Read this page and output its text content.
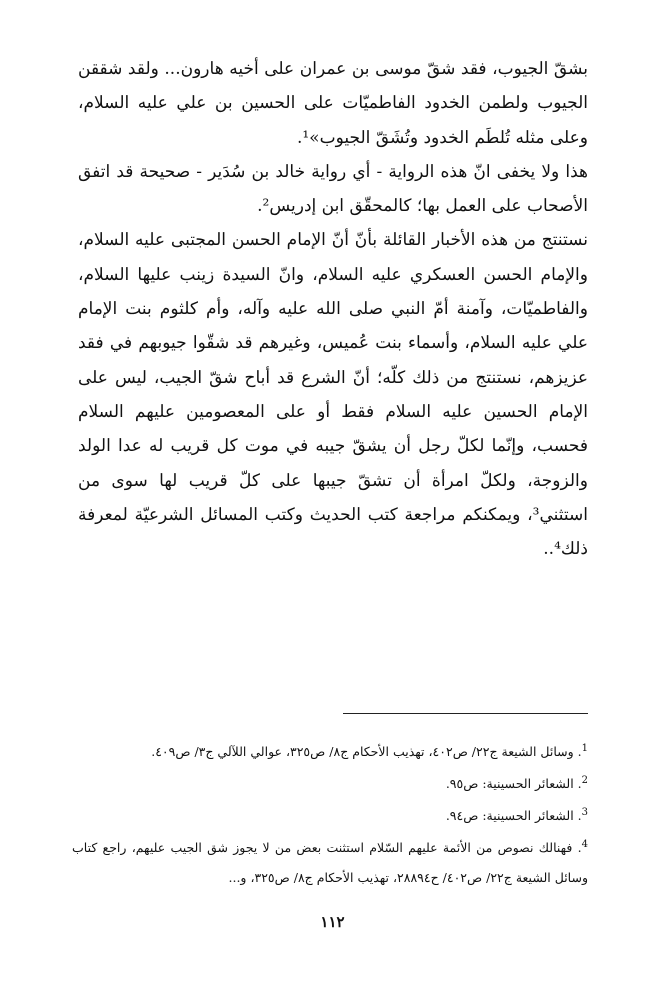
بشقّ الجيوب، فقد شقّ موسى بن عمران على أخيه هارون... ولقد شققن الجيوب ولطمن الخدود الفاطميّات على الحسين بن علي عليه السلام، وعلى مثله تُلطَم الخدود وتُشَقّ الجيوب»¹.

هذا ولا يخفى انّ هذه الرواية - أي رواية خالد بن سُدَير - صحيحة قد اتفق الأصحاب على العمل بها؛ كالمحقّق ابن إدريس².

نستنتج من هذه الأخبار القائلة بأنّ أنّ الإمام الحسن المجتبى عليه السلام، والإمام الحسن العسكري عليه السلام، وانّ السيدة زينب عليها السلام، والفاطميّات، وآمنة أمّ النبي صلى الله عليه وآله، وأم كلثوم بنت الإمام علي عليه السلام، وأسماء بنت عُميس، وغيرهم قد شقّوا جيوبهم في فقد عزيزهم، نستنتج من ذلك كلّه؛ أنّ الشرع قد أباح شقّ الجيب، ليس على الإمام الحسين عليه السلام فقط أو على المعصومين عليهم السلام فحسب، وإنّما لكلّ رجل أن يشقّ جيبه في موت كل قريب له عدا الولد والزوجة، ولكلّ امرأة أن تشقّ جيبها على كلّ قريب لها سوى من استثني³، ويمكنكم مراجعة كتب الحديث وكتب المسائل الشرعيّة لمعرفة ذلك⁴..

$^1$. وسائل الشيعة ج٢٢/ ص٤٠٢، تهذيب الأحكام ج٨/ ص٣٢٥، عوالي اللآلي ج٣/ ص٤٠٩.

$^2$. الشعائر الحسينية: ص٩٥.

$^3$. الشعائر الحسينية: ص٩٤.

$^4$. فهنالك نصوص من الأئمة عليهم السّلام استثنت بعض من لا يجوز شق الجيب عليهم، راجع كتاب وسائل الشيعة ج٢٢/ ص٤٠٢/ ح٢٨٨٩٤، تهذيب الأحكام ج٨/ ص٣٢٥، و...

١١٢
